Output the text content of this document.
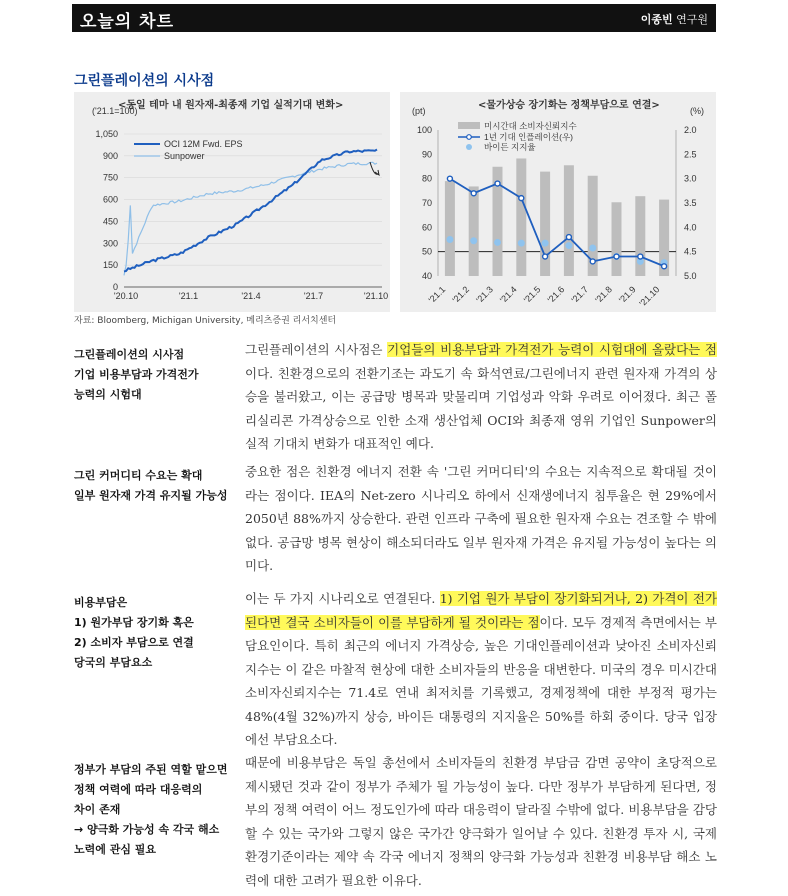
오늘의 차트	이종빈 연구원
그린플레이션의 시사점
<동일 테마 내 원자재-최종재 기업 실적기대 변화>
('21.1=100)
0
150
300
450
600
750
900
1,050
'20.10	'21.1	'21.4	'21.7	'21.10
OCI 12M Fwd. EPS
Sunpower
<물가상승 장기화는 정책부담으로 연결>
(pt)	(%)
40
50
60
70
80
90
100	2.0
2.5
3.0
3.5
4.0
4.5
5.0
'21.1 '21.2 '21.3 '21.4 '21.5 '21.6 '21.7 '21.8 '21.9 '21.10
미시간대 소비자신뢰지수
1년 기대 인플레이션(우)
바이든 지지율
자료: Bloomberg, Michigan University, 메리츠증권 리서치센터
그린플레이션의 시사점
기업 비용부담과 가격전가
능력의 시험대
그린플레이션의 시사점은 기업들의 비용부담과 가격전가 능력이 시험대에 올랐다는 점이다. 친환경으로의 전환기조는 과도기 속 화석연료/그린에너지 관련 원자재 가격의 상승을 불러왔고, 이는 공급망 병목과 맞물리며 기업성과 악화 우려로 이어졌다. 최근 폴리실리콘 가격상승으로 인한 소재 생산업체 OCI와 최종재 영위 기업인 Sunpower의 실적 기대치 변화가 대표적인 예다.
그린 커머디티 수요는 확대
일부 원자재 가격 유지될 가능성
중요한 점은 친환경 에너지 전환 속 '그린 커머디티'의 수요는 지속적으로 확대될 것이라는 점이다. IEA의 Net-zero 시나리오 하에서 신재생에너지 침투율은 현 29%에서 2050년 88%까지 상승한다. 관련 인프라 구축에 필요한 원자재 수요는 견조할 수 밖에 없다. 공급망 병목 현상이 해소되더라도 일부 원자재 가격은 유지될 가능성이 높다는 의미다.
비용부담은
1) 원가부담 장기화 혹은
2) 소비자 부담으로 연결
당국의 부담요소
이는 두 가지 시나리오로 연결된다. 1) 기업 원가 부담이 장기화되거나, 2) 가격이 전가된다면 결국 소비자들이 이를 부담하게 될 것이라는 점이다. 모두 경제적 측면에서는 부담요인이다. 특히 최근의 에너지 가격상승, 높은 기대인플레이션과 낮아진 소비자신뢰지수는 이 같은 마찰적 현상에 대한 소비자들의 반응을 대변한다. 미국의 경우 미시간대 소비자신뢰지수는 71.4로 연내 최저치를 기록했고, 경제정책에 대한 부정적 평가는 48%(4월 32%)까지 상승, 바이든 대통령의 지지율은 50%를 하회 중이다. 당국 입장에선 부담요소다.
정부가 부담의 주된 역할 맡으면
정책 여력에 따라 대응력의
차이 존재
→ 양극화 가능성 속 각국 해소
노력에 관심 필요
때문에 비용부담은 독일 총선에서 소비자들의 친환경 부담금 감면 공약이 초당적으로 제시됐던 것과 같이 정부가 주체가 될 가능성이 높다. 다만 정부가 부담하게 된다면, 정부의 정책 여력이 어느 정도인가에 따라 대응력이 달라질 수밖에 없다. 비용부담을 감당할 수 있는 국가와 그렇지 않은 국가간 양극화가 일어날 수 있다. 친환경 투자 시, 국제환경기준이라는 제약 속 각국 에너지 정책의 양극화 가능성과 친환경 비용부담 해소 노력에 대한 고려가 필요한 이유다.
